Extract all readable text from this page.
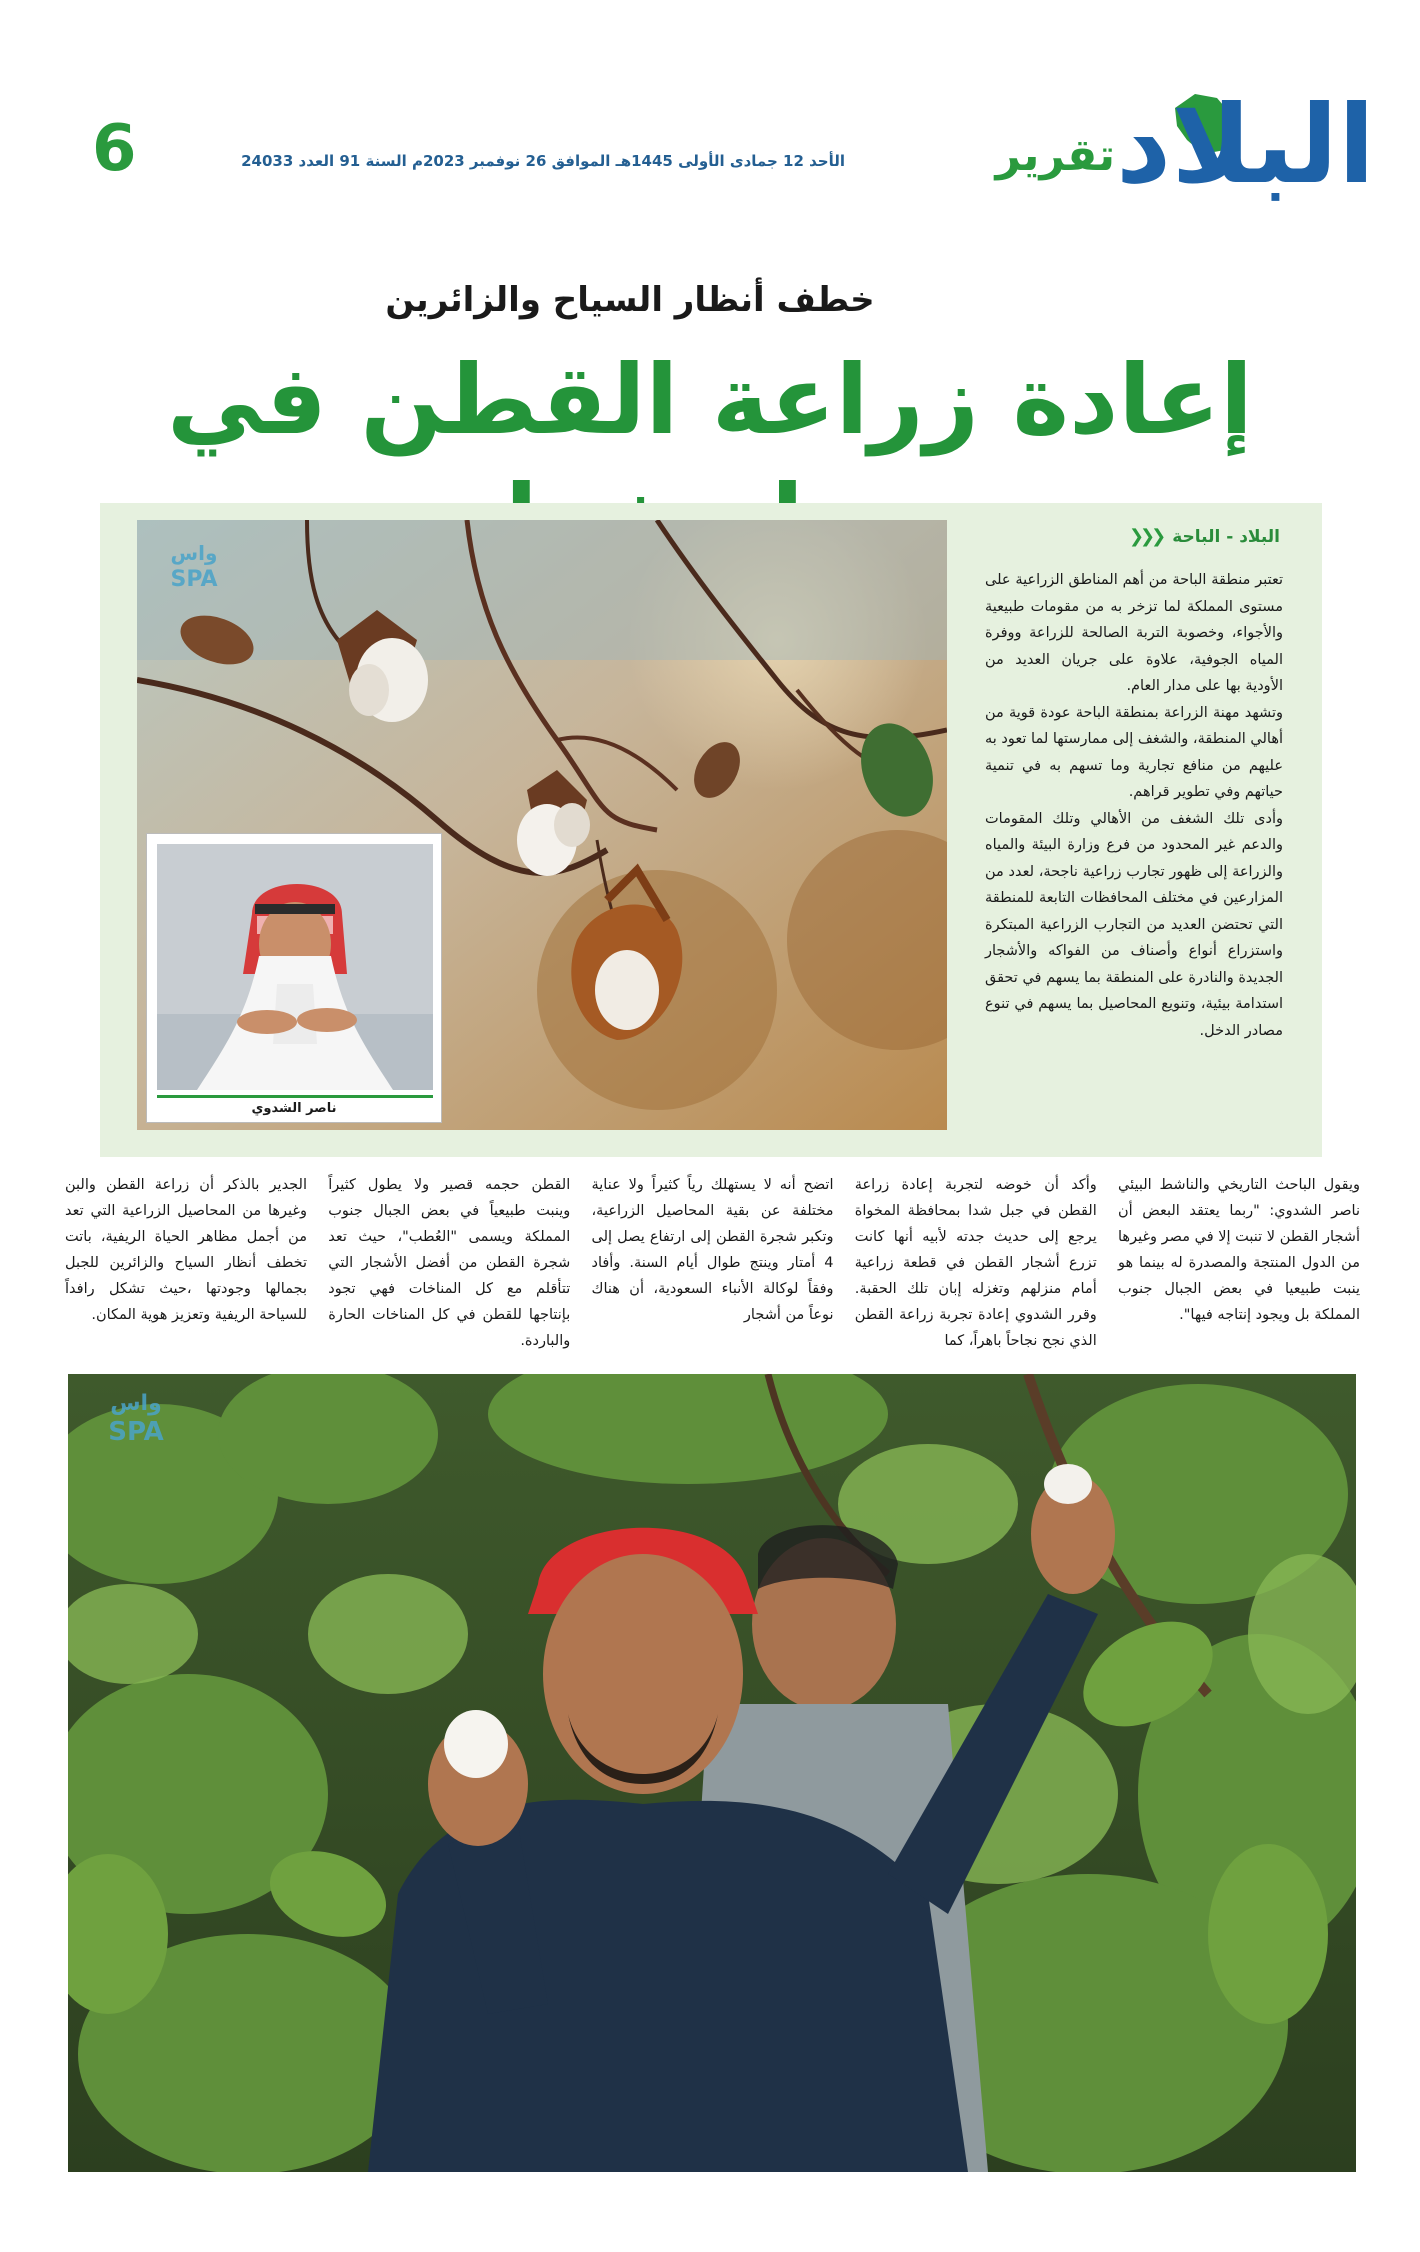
6	الأحد 12 جمادى الأولى 1445هـ الموافق 26 نوفمبر 2023م السنة 91 العدد 24033	تقرير البلاد
خطف أنظار السياح والزائرين
إعادة زراعة القطن في
واس
SPA
ناصر الشدوي
البلاد - الباحة
❮❮❮

تعتبر منطقة الباحة من أهم المناطق الزراعية على مستوى المملكة لما تزخر به من مقومات طبيعية والأجواء، وخصوبة التربة الصالحة للزراعة ووفرة المياه الجوفية، علاوة على جريان العديد من الأودية بها على مدار العام.

وتشهد مهنة الزراعة بمنطقة الباحة عودة قوية من أهالي المنطقة، والشغف إلى ممارستها لما تعود به عليهم من منافع تجارية وما تسهم به في تنمية حياتهم وفي تطوير قراهم.

وأدى تلك الشغف من الأهالي وتلك المقومات والدعم غير المحدود من فرع وزارة البيئة والمياه والزراعة إلى ظهور تجارب زراعية ناجحة، لعدد من المزارعين في مختلف المحافظات التابعة للمنطقة التي تحتضن العديد من التجارب الزراعية المبتكرة واستزراع أنواع وأصناف من الفواكه والأشجار الجديدة والنادرة على المنطقة بما يسهم في تحقق استدامة بيئية، وتنويع المحاصيل بما يسهم في تنوع مصادر الدخل.

ويقول الباحث التاريخي والناشط البيئي ناصر الشدوي: "ربما يعتقد البعض أن أشجار القطن لا تنبت إلا في مصر وغيرها من الدول المنتجة والمصدرة له بينما هو ينبت طبيعيا في بعض الجبال جنوب المملكة بل ويجود إنتاجه فيها".
وأكد أن خوضه لتجربة إعادة زراعة القطن في جبل شدا بمحافظة المخواة يرجع إلى حديث جدته لأبيه أنها كانت تزرع أشجار القطن في قطعة زراعية أمام منزلهم وتغزله إبان تلك الحقبة. وقرر الشدوي إعادة تجربة زراعة القطن الذي نجح نجاحاً باهراً، كما
اتضح أنه لا يستهلك رياً كثيراً ولا عناية مختلفة عن بقية المحاصيل الزراعية، وتكبر شجرة القطن إلى ارتفاع يصل إلى 4 أمتار وينتج طوال أيام السنة. وأفاد وفقاً لوكالة الأنباء السعودية، أن هناك نوعاً من أشجار
القطن حجمه قصير ولا يطول كثيراً وينبت طبيعياً في بعض الجبال جنوب المملكة ويسمى "العُطب"، حيث تعد شجرة القطن من أفضل الأشجار التي تتأقلم مع كل المناخات فهي تجود بإنتاجها للقطن في كل المناخات الحارة والباردة.
الجدير بالذكر أن زراعة القطن والبن وغيرها من المحاصيل الزراعية التي تعد من أجمل مظاهر الحياة الريفية، باتت تخطف أنظار السياح والزائرين للجبل بجمالها وجودتها ،حيث تشكل رافداً للسياحة الريفية وتعزيز هوية المكان.
واس
SPA
